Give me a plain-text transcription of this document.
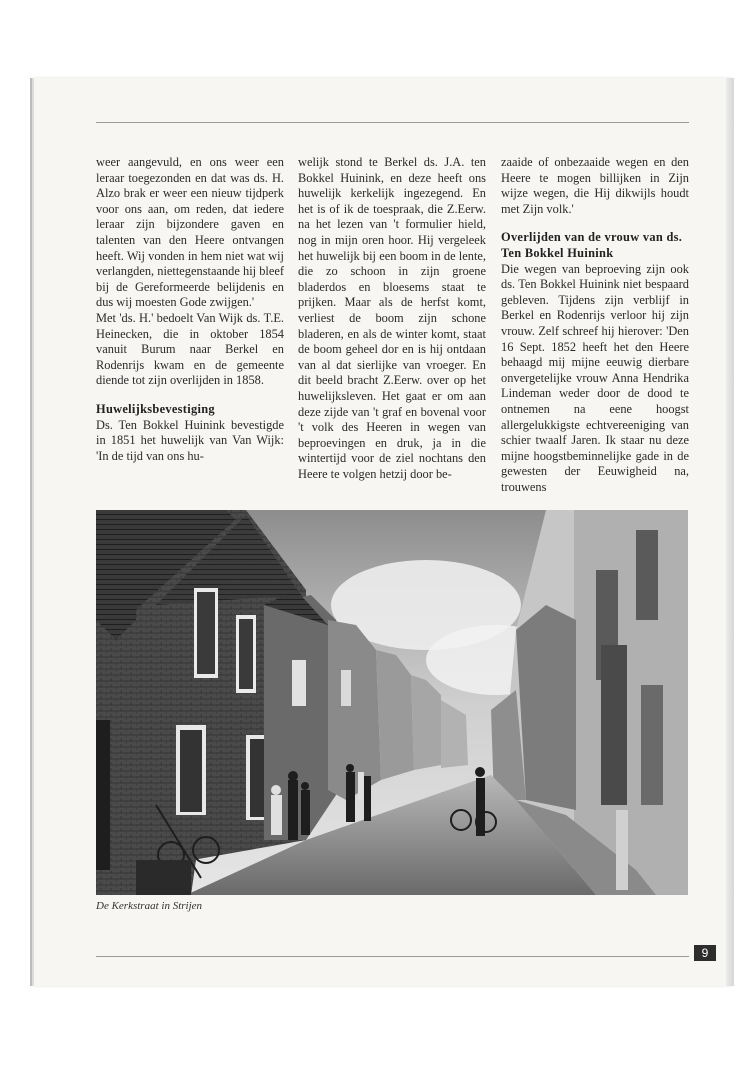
weer aangevuld, en ons weer een leraar toegezonden en dat was ds. H. Alzo brak er weer een nieuw tijdperk voor ons aan, om reden, dat iedere leraar zijn bijzondere gaven en talenten van den Heere ontvangen heeft. Wij vonden in hem niet wat wij verlangden, niettegenstaande hij bleef bij de Gereformeerde belijdenis en dus wij moesten Gode zwijgen.'

Met 'ds. H.' bedoelt Van Wijk ds. T.E. Heinecken, die in oktober 1854 vanuit Burum naar Berkel en Rodenrijs kwam en de gemeente diende tot zijn overlijden in 1858.

Huwelijksbevestiging

Ds. Ten Bokkel Huinink bevestigde in 1851 het huwelijk van Van Wijk: 'In de tijd van ons hu-

welijk stond te Berkel ds. J.A. ten Bokkel Huinink, en deze heeft ons huwelijk kerkelijk ingezegend. En het is of ik de toespraak, die Z.Eerw. na het lezen van 't formulier hield, nog in mijn oren hoor. Hij vergeleek het huwelijk bij een boom in de lente, die zo schoon in zijn groene bladerdos en bloesems staat te prijken. Maar als de herfst komt, verliest de boom zijn schone bladeren, en als de winter komt, staat de boom geheel dor en is hij ontdaan van al dat sierlijke van vroeger. En dit beeld bracht Z.Eerw. over op het huwelijksleven. Het gaat er om aan deze zijde van 't graf en bovenal voor 't volk des Heeren in wegen van beproevingen en druk, ja in die wintertijd voor de ziel nochtans den Heere te volgen hetzij door be-

zaaide of onbezaaide wegen en den Heere te mogen billijken in Zijn wijze wegen, die Hij dikwijls houdt met Zijn volk.'

Overlijden van de vrouw van ds. Ten Bokkel Huinink

Die wegen van beproeving zijn ook ds. Ten Bokkel Huinink niet bespaard gebleven. Tijdens zijn verblijf in Berkel en Rodenrijs verloor hij zijn vrouw. Zelf schreef hij hierover: 'Den 16 Sept. 1852 heeft het den Heere behaagd mij mijne eeuwig dierbare onvergetelijke vrouw Anna Hendrika Lindeman weder door de dood te ontnemen na eene hoogst allergelukkigste echtvereeniging van schier twaalf Jaren. Ik staar nu deze mijne hoogstbeminnelijke gade in de gewesten der Eeuwigheid na, trouwens

De Kerkstraat in Strijen
9
